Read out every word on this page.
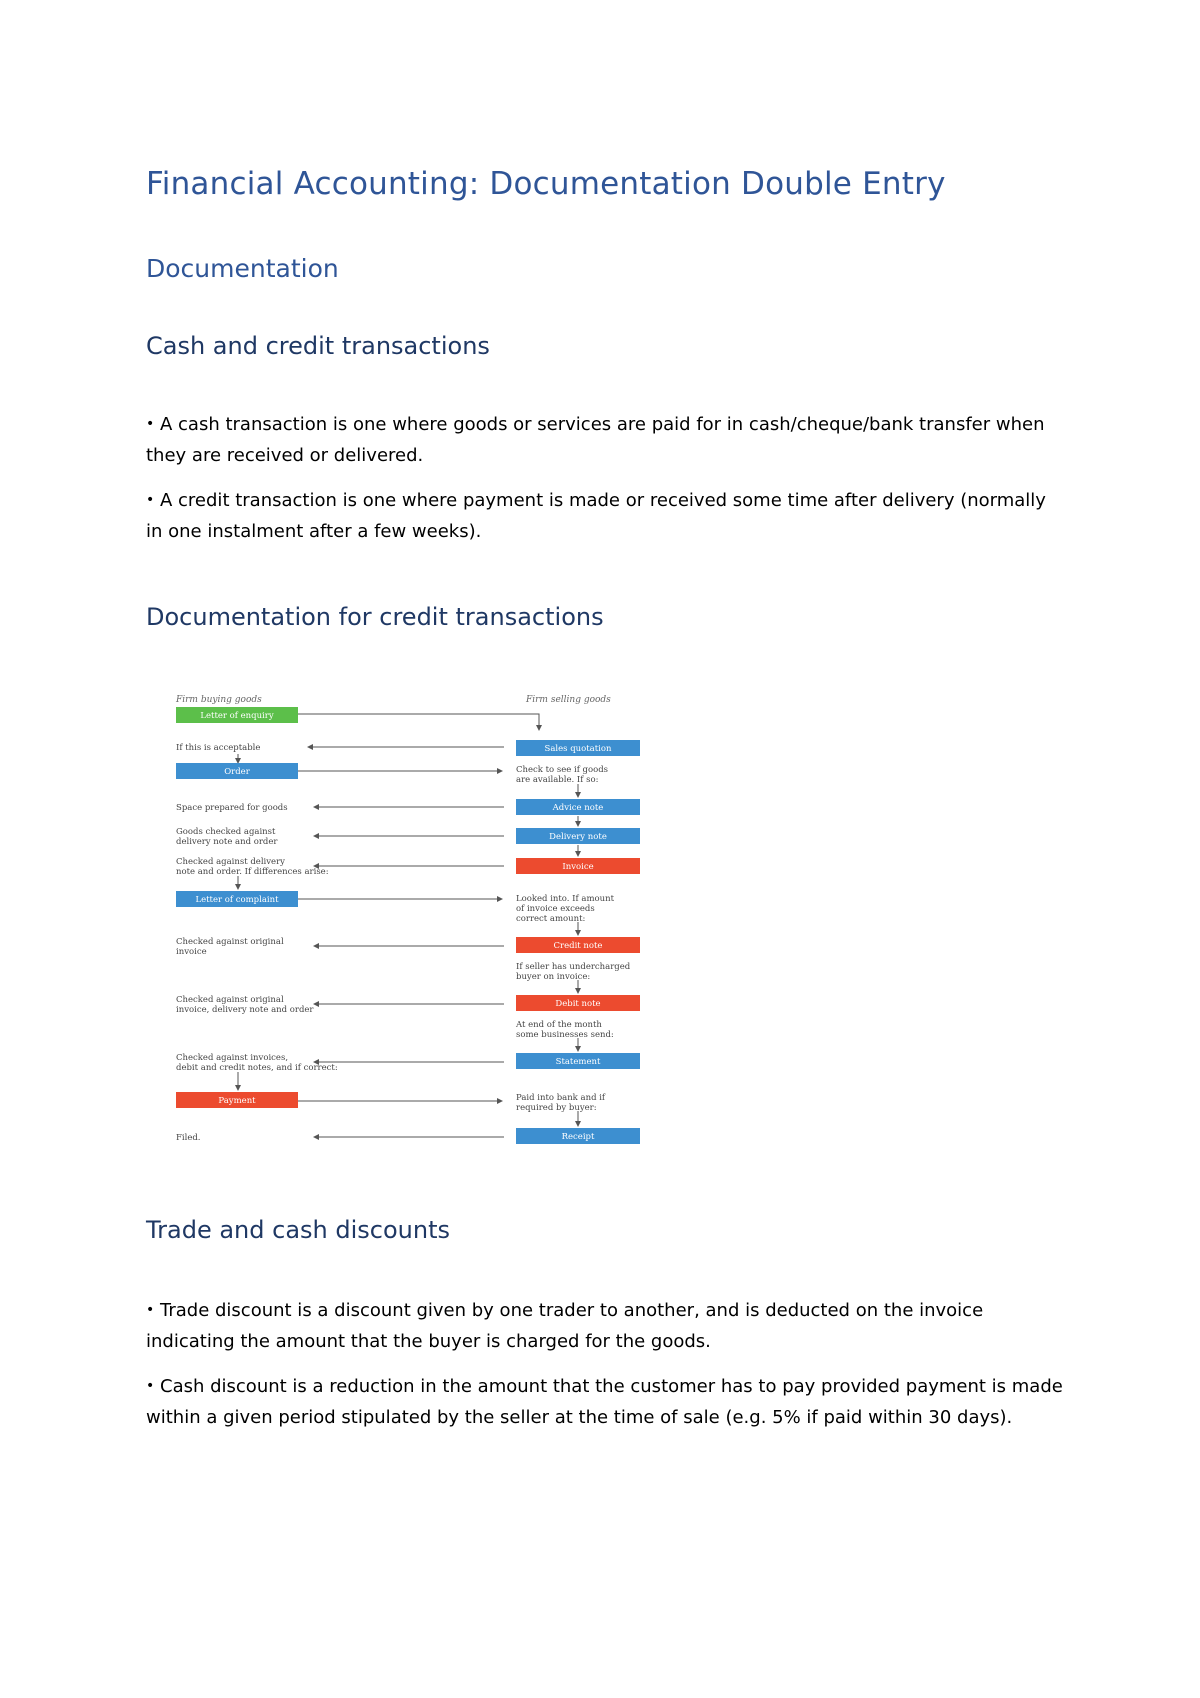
Financial Accounting: Documentation Double Entry
Documentation
Cash and credit transactions

• A cash transaction is one where goods or services are paid for in cash/cheque/bank transfer when they are received or delivered.

• A credit transaction is one where payment is made or received some time after delivery (normally in one instalment after a few weeks).

Documentation for credit transactions
Firm buying goods	Firm selling goods
Letter of enquiry
Order
Letter of complaint
Payment
Sales quotation
Advice note
Delivery note
Invoice
Credit note
Debit note
Statement
Receipt
If this is acceptable
Space prepared for goods
Goods checked against delivery note and order
Checked against delivery note and order. If differences arise:
Checked against original invoice
Checked against original invoice, delivery note and order
Checked against invoices, debit and credit notes, and if correct:
Filed.
Check to see if goods are available. If so:
Looked into. If amount of invoice exceeds correct amount:
If seller has undercharged buyer on invoice:
At end of the month some businesses send:
Paid into bank and if required by buyer:
Trade and cash discounts

• Trade discount is a discount given by one trader to another, and is deducted on the invoice indicating the amount that the buyer is charged for the goods.

• Cash discount is a reduction in the amount that the customer has to pay provided payment is made within a given period stipulated by the seller at the time of sale (e.g. 5% if paid within 30 days).
